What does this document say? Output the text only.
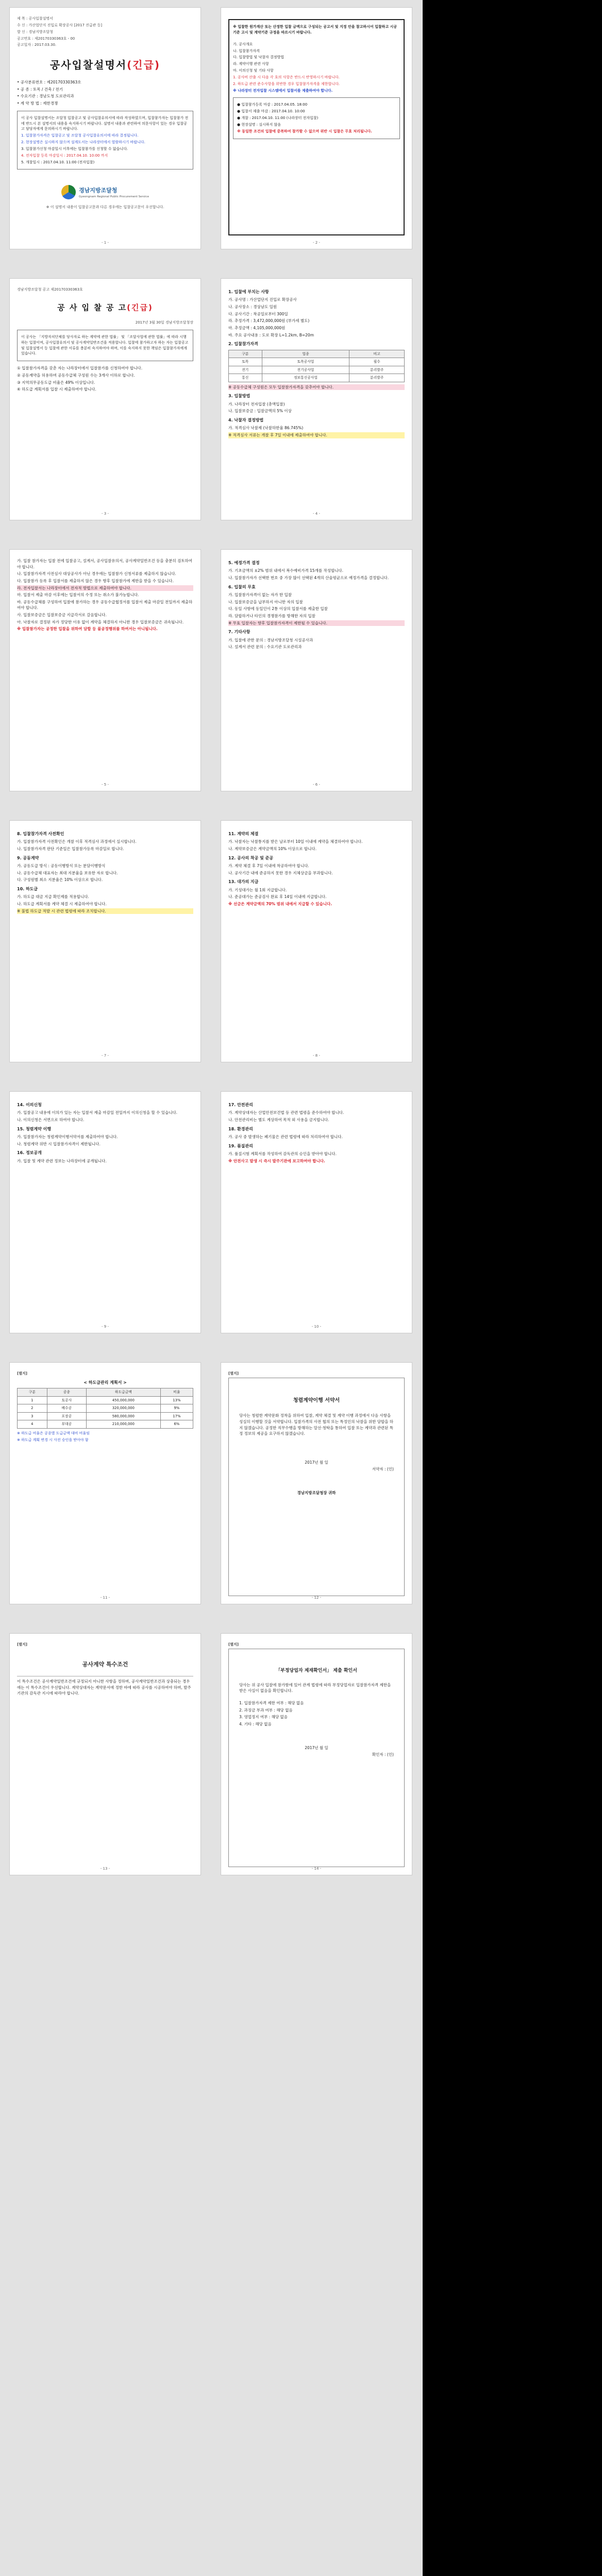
제 목 : 공사입찰설명서

수 신 : 가산업단지 진입로 확장공사 [2017 진급관 등]

발 신 : 경남지방조달청

공고번호 : 제20170330363호 - 00

공고일자 : 2017.03.30.

공사입찰설명서(긴급)

• 공사분류번호 : 제20170330363호

• 공 종 : 토목 / 건축 / 전기

• 수요기관 : 경남도청 도로관리과

• 계 약 방 법 : 제한경쟁

이 공사 입찰설명서는 조달청 입찰공고 및 공사입찰유의서에 따라 작성하였으며, 입찰참가자는 입찰참가 전에 반드시 본 설명서의 내용을 숙지하시기 바랍니다. 설명서 내용과 관련하여 의문사항이 있는 경우 입찰공고 담당자에게 문의하시기 바랍니다.

1. 입찰참가자격은 입찰공고 및 조달청 공사입찰유의서에 따라 결정됩니다.

2. 현장설명은 실시하지 않으며 설계도서는 나라장터에서 열람하시기 바랍니다.

3. 입찰참가신청 마감일시 이후에는 입찰참가를 신청할 수 없습니다.

4. 전자입찰 등록 마감일시 : 2017.04.10. 10:00 까지

5. 개찰일시 : 2017.04.10. 11:00 (전자입찰)

경남지방조달청
Gyeongnam Regional Public Procurement Service

※ 이 설명서 내용이 입찰공고문과 다른 경우에는 입찰공고문이 우선합니다.

- 1 -

※ 입찰한 원가계산 또는 산정한 입찰 금액으로 구성되는 공고서 및 지정 안을 참고하시어 입찰하고 시공기준 고시 및 계약기준 규정을 따르시기 바랍니다.

가. 공사개요

나. 입찰참가자격

다. 입찰방법 및 낙찰자 결정방법

라. 계약이행 관련 사항

마. 이의신청 및 기타 사항

1. 공사비 산출 시 다음 각 호의 사항은 반드시 반영하시기 바랍니다.

2. 하도급 관련 준수사항을 위반한 경우 입찰참가자격을 제한합니다.

※ 나라장터 전자입찰 시스템에서 입찰서를 제출하여야 합니다.

● 입찰참가등록 마감 : 2017.04.05. 18:00

● 입찰서 제출 마감 : 2017.04.10. 10:00

● 개찰 : 2017.04.10. 11:00 (나라장터 전자입찰)

● 현장설명 : 실시하지 않음

※ 동일한 조건의 입찰에 중복하여 참가할 수 없으며 위반 시 입찰은 무효 처리됩니다.

- 2 -

경남지방조달청 공고 제20170330363호

공 사 입 찰 공 고(긴급)

2017년 3월 30일 경남지방조달청장

이 공사는 「지방자치단체를 당사자로 하는 계약에 관한 법률」 및 「조달사업에 관한 법률」에 따라 시행하는 입찰이며, 공사입찰유의서 및 공사계약일반조건을 적용합니다. 입찰에 참가하고자 하는 자는 입찰공고 및 입찰설명서 등 입찰에 관한 서류를 충분히 숙지하여야 하며, 이를 숙지하지 못한 책임은 입찰참가자에게 있습니다.

① 입찰참가자격을 갖춘 자는 나라장터에서 입찰참가를 신청하여야 합니다.

② 공동계약을 허용하며 공동수급체 구성원 수는 3개사 이하로 합니다.

③ 지역의무공동도급 비율은 49% 이상입니다.

④ 하도급 계획서를 입찰 시 제출하여야 합니다.

- 3 -
1. 입찰에 부치는 사항

가. 공사명 : 가산업단지 진입로 확장공사

나. 공사장소 : 경상남도 일원

다. 공사기간 : 착공일로부터 300일

라. 추정가격 : 3,472,000,000원 (부가세 별도)

마. 추정금액 : 4,105,000,000원

바. 주요 공사내용 : 도로 확장 L=1.2km, B=20m

2. 입찰참가자격
구분	업종	비고
토목	토목공사업	필수
전기	전기공사업	분리발주
통신	정보통신공사업	분리발주

※ 공동수급체 구성원은 모두 입찰참가자격을 갖추어야 합니다.

3. 입찰방법

가. 나라장터 전자입찰 (총액입찰)

나. 입찰보증금 : 입찰금액의 5% 이상

4. 낙찰자 결정방법

가. 적격심사 낙찰제 (낙찰하한율 86.745%)

※ 적격심사 서류는 개찰 후 7일 이내에 제출하여야 합니다.

- 4 -

가. 입찰 참가자는 입찰 전에 입찰공고, 설계서, 공사입찰유의서, 공사계약일반조건 등을 충분히 검토하여야 합니다.

나. 입찰참가자격 사전심사 대상공사가 아닌 경우에는 입찰참가 신청서류를 제출하지 않습니다.

다. 입찰참가 등록 후 입찰서를 제출하지 않은 경우 향후 입찰참가에 제한을 받을 수 있습니다.

라. 전자입찰서는 나라장터에서 전자적 방법으로 제출하여야 합니다.

마. 입찰서 제출 마감 이후에는 입찰서의 수정 또는 취소가 불가능합니다.

바. 공동수급체를 구성하여 입찰에 참가하는 경우 공동수급협정서를 입찰서 제출 마감일 전일까지 제출하여야 합니다.

사. 입찰보증금은 입찰보증금 지급각서로 갈음합니다.

아. 낙찰자로 결정된 자가 정당한 이유 없이 계약을 체결하지 아니한 경우 입찰보증금은 귀속됩니다.

※ 입찰참가자는 공정한 입찰을 위하여 담합 등 불공정행위를 하여서는 아니됩니다.

- 5 -
5. 예정가격 결정

가. 기초금액의 ±2% 범위 내에서 복수예비가격 15개를 작성합니다.

나. 입찰참가자가 선택한 번호 중 가장 많이 선택된 4개의 산술평균으로 예정가격을 결정합니다.

6. 입찰의 무효

가. 입찰참가자격이 없는 자가 한 입찰

나. 입찰보증금을 납부하지 아니한 자의 입찰

다. 동일 사항에 동일인이 2통 이상의 입찰서를 제출한 입찰

라. 담합하거나 타인의 경쟁참가를 방해한 자의 입찰

※ 무효 입찰자는 향후 입찰참가자격이 제한될 수 있습니다.

7. 기타사항

가. 입찰에 관한 문의 : 경남지방조달청 시설공사과

나. 설계서 관련 문의 : 수요기관 도로관리과

- 6 -
8. 입찰참가자격 사전확인

가. 입찰참가자격 사전확인은 개찰 이후 적격심사 과정에서 실시합니다.

나. 입찰참가자격 판단 기준일은 입찰참가등록 마감일로 합니다.

9. 공동계약

가. 공동도급 방식 : 공동이행방식 또는 분담이행방식

나. 공동수급체 대표자는 최대 지분율을 보유한 자로 합니다.

다. 구성원별 최소 지분율은 10% 이상으로 합니다.

10. 하도급

가. 하도급 대금 지급 확인제를 적용합니다.

나. 하도급 계획서를 계약 체결 시 제출하여야 합니다.

※ 불법 하도급 적발 시 관련 법령에 따라 조치합니다.

- 7 -
11. 계약의 체결

가. 낙찰자는 낙찰통지를 받은 날로부터 10일 이내에 계약을 체결하여야 합니다.

나. 계약보증금은 계약금액의 10% 이상으로 합니다.

12. 공사의 착공 및 준공

가. 계약 체결 후 7일 이내에 착공하여야 합니다.

나. 공사기간 내에 준공하지 못한 경우 지체상금을 부과합니다.

13. 대가의 지급

가. 기성대가는 월 1회 지급합니다.

나. 준공대가는 준공검사 완료 후 14일 이내에 지급합니다.

※ 선금은 계약금액의 70% 범위 내에서 지급할 수 있습니다.

- 8 -
14. 이의신청

가. 입찰공고 내용에 이의가 있는 자는 입찰서 제출 마감일 전일까지 이의신청을 할 수 있습니다.

나. 이의신청은 서면으로 하여야 합니다.

15. 청렴계약 이행

가. 입찰참가자는 청렴계약이행서약서를 제출하여야 합니다.

나. 청렴계약 위반 시 입찰참가자격이 제한됩니다.

16. 정보공개

가. 입찰 및 계약 관련 정보는 나라장터에 공개됩니다.

- 9 -
17. 안전관리

가. 계약상대자는 산업안전보건법 등 관련 법령을 준수하여야 합니다.

나. 안전관리비는 별도 계상하여 목적 외 사용을 금지합니다.

18. 환경관리

가. 공사 중 발생하는 폐기물은 관련 법령에 따라 처리하여야 합니다.

19. 품질관리

가. 품질시험 계획서를 작성하여 감독관의 승인을 받아야 합니다.

※ 안전사고 발생 시 즉시 발주기관에 보고하여야 합니다.

- 10 -

[별지]

< 하도급관리 계획서 >
구분	공종	하도급금액	비율
1	토공사	450,000,000	13%
2	배수공	320,000,000	9%
3	포장공	580,000,000	17%
4	부대공	210,000,000	6%

※ 하도급 비율은 공종별 도급금액 대비 비율임

※ 하도급 계획 변경 시 사전 승인을 받아야 함

- 11 -

[별지]

청렴계약이행 서약서

당사는 청렴한 계약문화 정착을 위하여 입찰, 계약 체결 및 계약 이행 과정에서 다음 사항을 성실히 이행할 것을 서약합니다. 입찰가격의 사전 협의 또는 특정인의 낙찰을 위한 담합을 하지 않겠습니다. 공정한 직무수행을 방해하는 알선·청탁을 통하여 입찰 또는 계약과 관련된 특정 정보의 제공을 요구하지 않겠습니다.

2017년 월 일

서약자 : (인)

경남지방조달청장 귀하

- 12 -

[별지]

공사계약 특수조건

이 특수조건은 공사계약일반조건에 규정되지 아니한 사항을 정하며, 공사계약일반조건과 상충되는 경우에는 이 특수조건이 우선합니다. 계약상대자는 계약문서에 정한 바에 따라 공사를 시공하여야 하며, 발주기관의 감독관 지시에 따라야 합니다.

- 13 -

[별지]

「부정당업자 제재확인서」 제출 확인서

당사는 위 공사 입찰에 참가함에 있어 관계 법령에 따라 부정당업자로 입찰참가자격 제한을 받은 사실이 없음을 확인합니다.

1. 입찰참가자격 제한 여부 : 해당 없음

2. 과징금 부과 여부 : 해당 없음

3. 영업정지 여부 : 해당 없음

4. 기타 : 해당 없음

2017년 월 일

확인자 : (인)

- 14 -
